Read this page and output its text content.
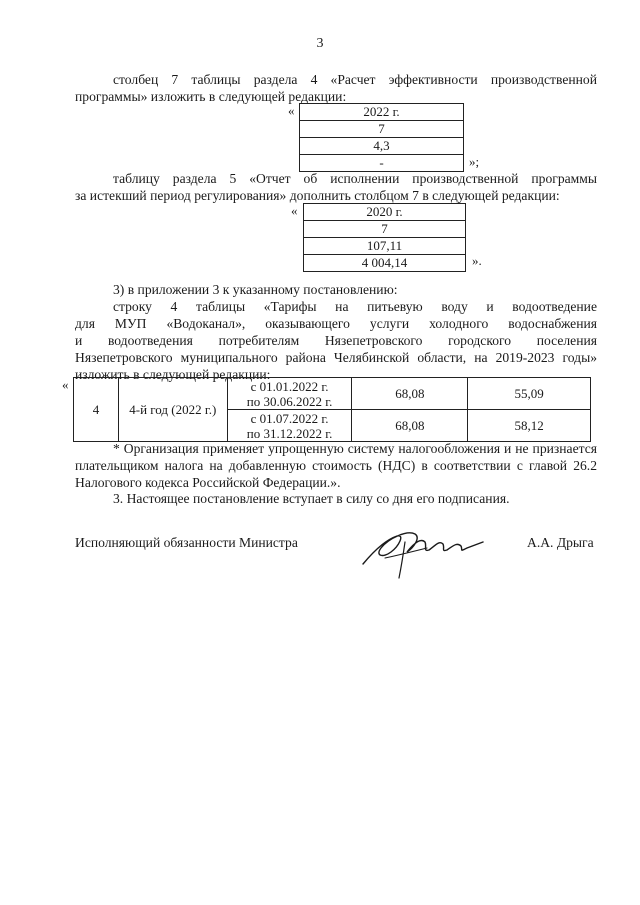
3
столбец 7 таблицы раздела 4 «Расчет эффективности производственной
программы» изложить в следующей редакции:
«	2022 г.
7
4,3
-	»;
таблицу раздела 5 «Отчет об исполнении производственной программы
за истекший период регулирования» дополнить столбцом 7 в следующей редакции:
«	2020 г.
7
107,11
4 004,14	».
3) в приложении 3 к указанному постановлению:
строку 4 таблицы «Тарифы на питьевую воду и водоотведение
для МУП «Водоканал», оказывающего услуги холодного водоснабжения
и водоотведения потребителям Нязепетровского городского поселения
Нязепетровского муниципального района Челябинской области, на 2019-2023 годы»
изложить в следующей редакции:
«
4	4-й год (2022 г.)	с 01.01.2022 г.
по 30.06.2022 г.	68,08	55,09

		с 01.07.2022 г.
по 31.12.2022 г.	68,08	58,12
* Организация применяет упрощенную систему налогообложения и не признается
плательщиком налога на добавленную стоимость (НДС) в соответствии с главой 26.2
Налогового кодекса Российской Федерации.».
3. Настоящее постановление вступает в силу со дня его подписания.
Исполняющий обязанности Министра	А.А. Дрыга
